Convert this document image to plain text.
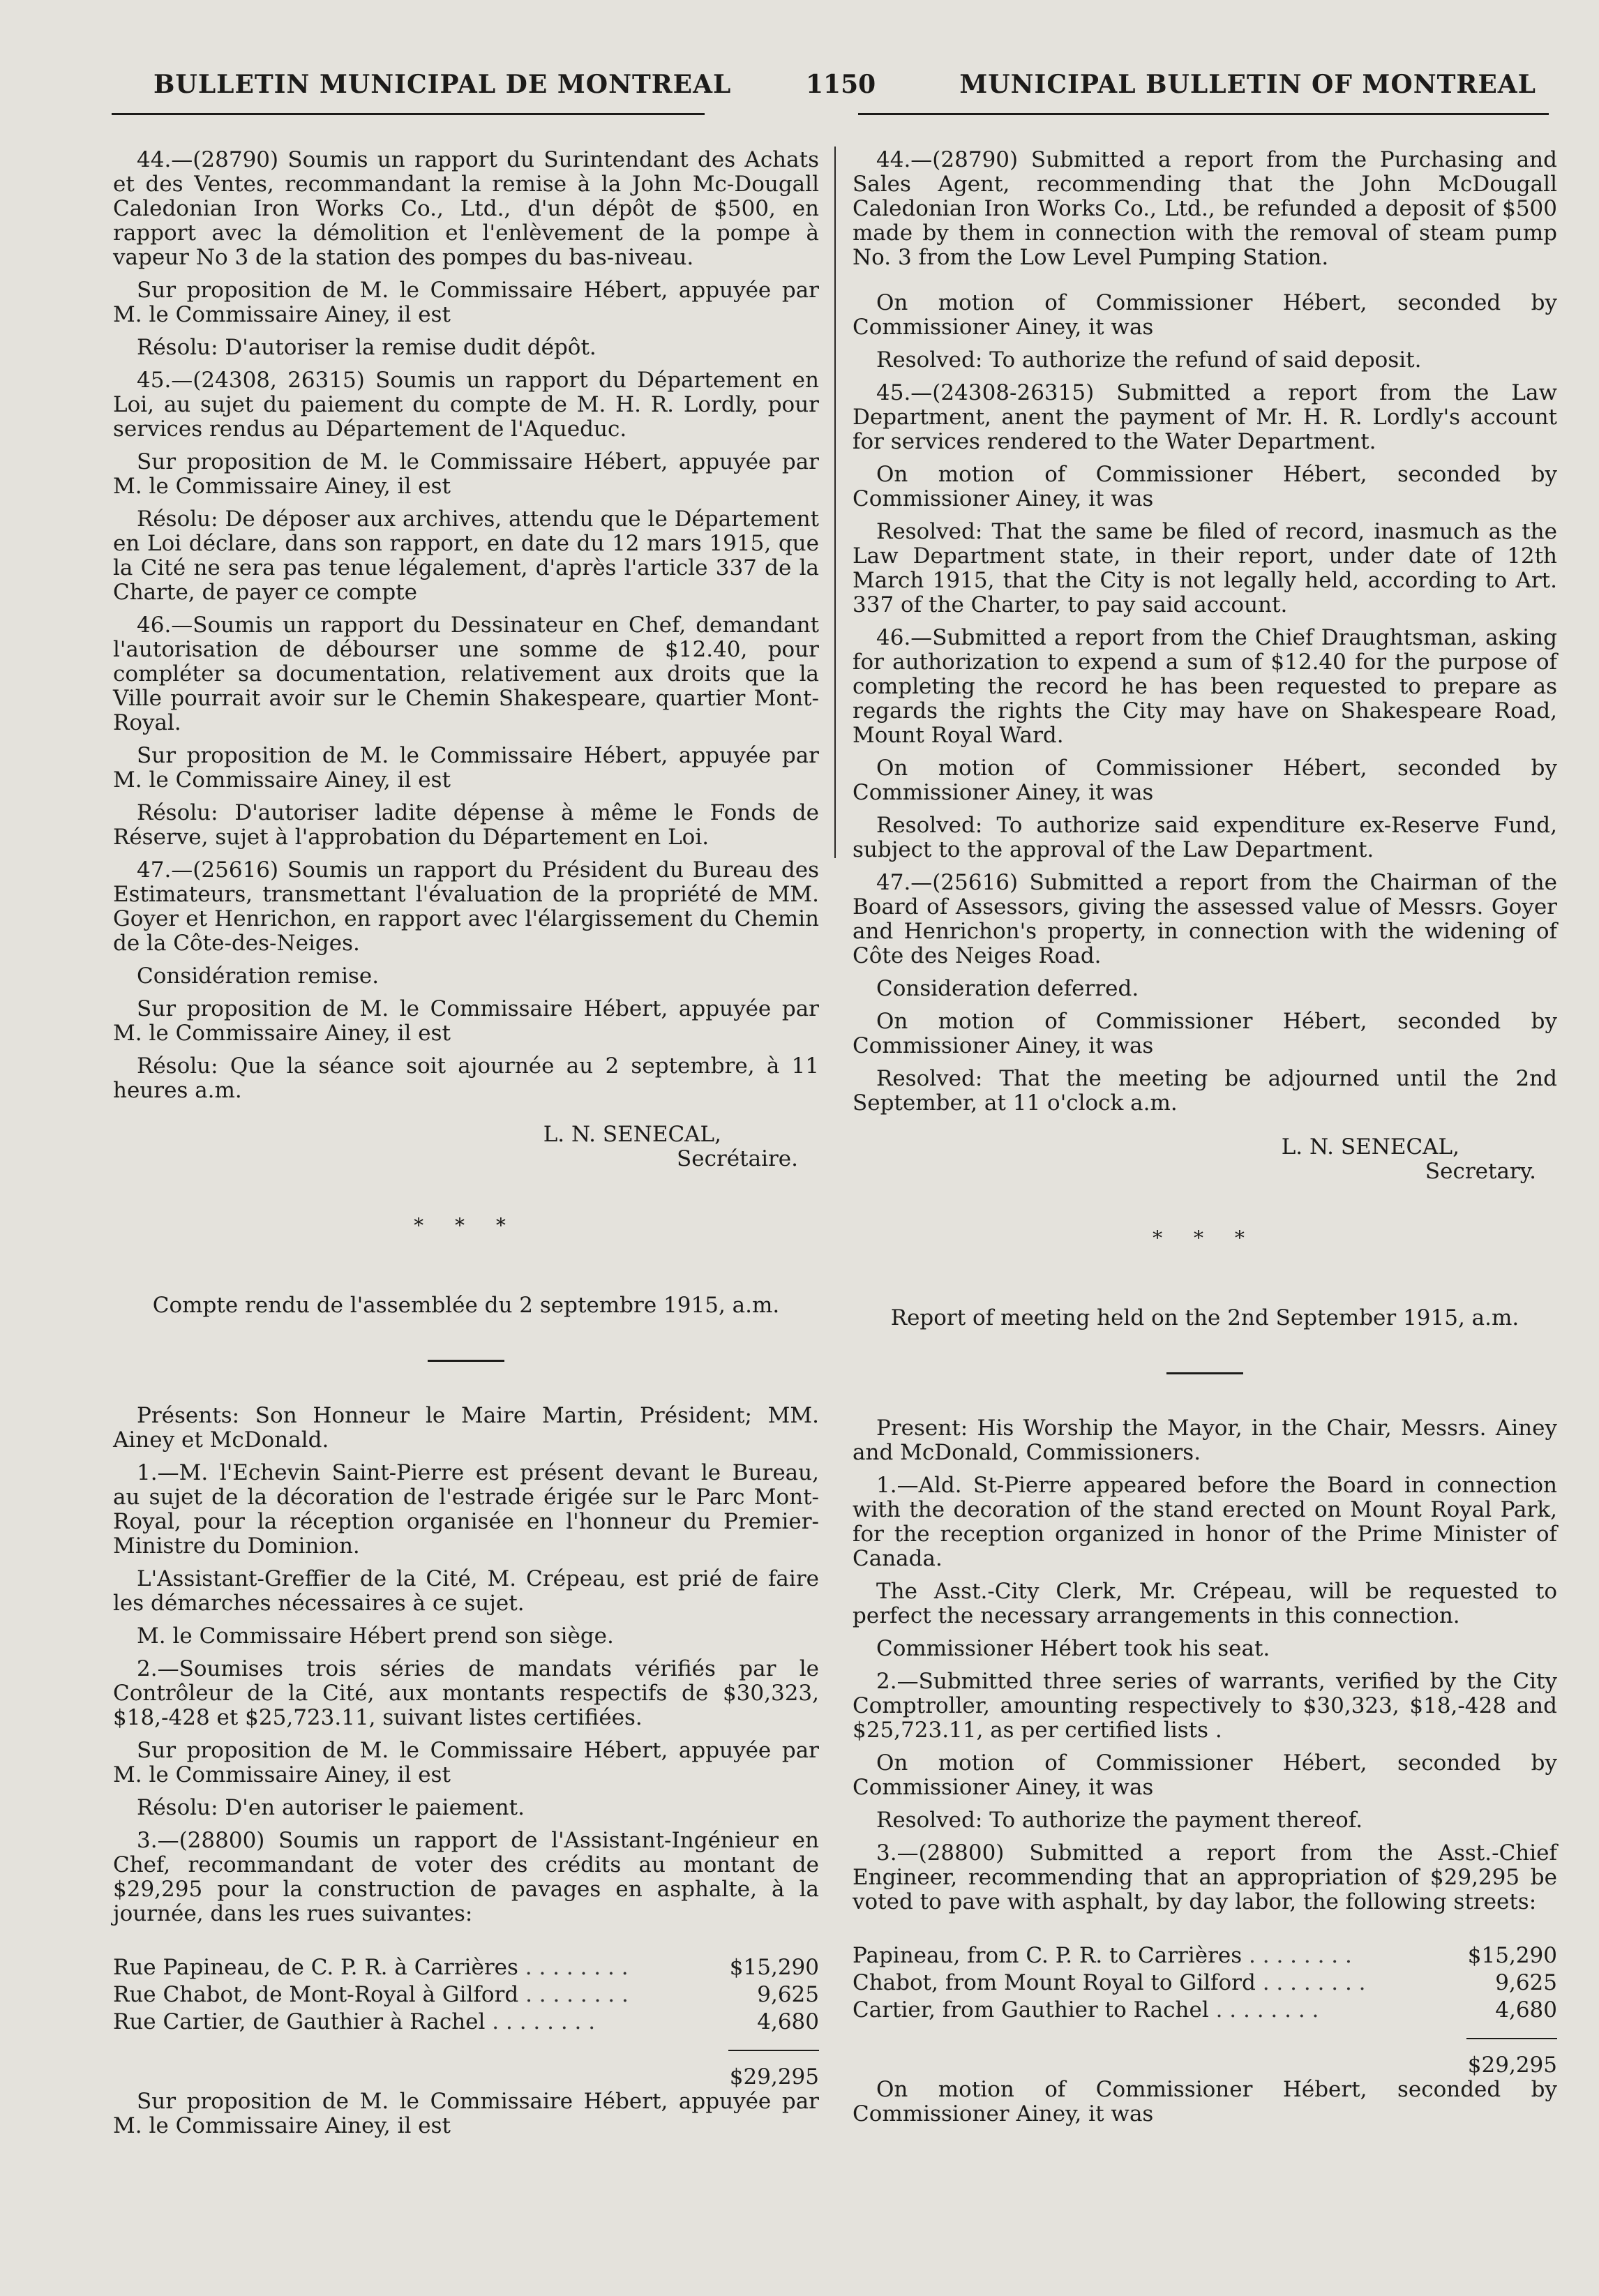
BULLETIN MUNICIPAL DE MONTREAL	1150	MUNICIPAL BULLETIN OF MONTREAL

44.—(28790) Soumis un rapport du Surintendant des Achats et des Ventes, recommandant la remise à la John Mc-Dougall Caledonian Iron Works Co., Ltd., d'un dépôt de $500, en rapport avec la démolition et l'enlèvement de la pompe à vapeur No 3 de la station des pompes du bas-niveau.

Sur proposition de M. le Commissaire Hébert, appuyée par M. le Commissaire Ainey, il est

Résolu: D'autoriser la remise dudit dépôt.

45.—(24308, 26315) Soumis un rapport du Département en Loi, au sujet du paiement du compte de M. H. R. Lordly, pour services rendus au Département de l'Aqueduc.

Sur proposition de M. le Commissaire Hébert, appuyée par M. le Commissaire Ainey, il est

Résolu: De déposer aux archives, attendu que le Département en Loi déclare, dans son rapport, en date du 12 mars 1915, que la Cité ne sera pas tenue légalement, d'après l'article 337 de la Charte, de payer ce compte

46.—Soumis un rapport du Dessinateur en Chef, demandant l'autorisation de débourser une somme de $12.40, pour compléter sa documentation, relativement aux droits que la Ville pourrait avoir sur le Chemin Shakespeare, quartier Mont-Royal.

Sur proposition de M. le Commissaire Hébert, appuyée par M. le Commissaire Ainey, il est

Résolu: D'autoriser ladite dépense à même le Fonds de Réserve, sujet à l'approbation du Département en Loi.

47.—(25616) Soumis un rapport du Président du Bureau des Estimateurs, transmettant l'évaluation de la propriété de MM. Goyer et Henrichon, en rapport avec l'élargissement du Chemin de la Côte-des-Neiges.

Considération remise.

Sur proposition de M. le Commissaire Hébert, appuyée par M. le Commissaire Ainey, il est

Résolu: Que la séance soit ajournée au 2 septembre, à 11 heures a.m.

L. N. SENECAL,
Secrétaire.
* * *
Compte rendu de l'assemblée du 2 septembre 1915, a.m.

Présents: Son Honneur le Maire Martin, Président; MM. Ainey et McDonald.

1.—M. l'Echevin Saint-Pierre est présent devant le Bureau, au sujet de la décoration de l'estrade érigée sur le Parc Mont-Royal, pour la réception organisée en l'honneur du Premier-Ministre du Dominion.

L'Assistant-Greffier de la Cité, M. Crépeau, est prié de faire les démarches nécessaires à ce sujet.

M. le Commissaire Hébert prend son siège.

2.—Soumises trois séries de mandats vérifiés par le Contrôleur de la Cité, aux montants respectifs de $30,323, $18,-428 et $25,723.11, suivant listes certifiées.

Sur proposition de M. le Commissaire Hébert, appuyée par M. le Commissaire Ainey, il est

Résolu: D'en autoriser le paiement.

3.—(28800) Soumis un rapport de l'Assistant-Ingénieur en Chef, recommandant de voter des crédits au montant de $29,295 pour la construction de pavages en asphalte, à la journée, dans les rues suivantes:

Rue Papineau, de C. P. R. à Carrières . . . . . . . .	$15,290
Rue Chabot, de Mont-Royal à Gilford . . . . . . . .	9,625
Rue Cartier, de Gauthier à Rachel . . . . . . . .	4,680
$29,295

Sur proposition de M. le Commissaire Hébert, appuyée par M. le Commissaire Ainey, il est

44.—(28790) Submitted a report from the Purchasing and Sales Agent, recommending that the John McDougall Caledonian Iron Works Co., Ltd., be refunded a deposit of $500 made by them in connection with the removal of steam pump No. 3 from the Low Level Pumping Station.

On motion of Commissioner Hébert, seconded by Commissioner Ainey, it was

Resolved: To authorize the refund of said deposit.

45.—(24308-26315) Submitted a report from the Law Department, anent the payment of Mr. H. R. Lordly's account for services rendered to the Water Department.

On motion of Commissioner Hébert, seconded by Commissioner Ainey, it was

Resolved: That the same be filed of record, inasmuch as the Law Department state, in their report, under date of 12th March 1915, that the City is not legally held, according to Art. 337 of the Charter, to pay said account.

46.—Submitted a report from the Chief Draughtsman, asking for authorization to expend a sum of $12.40 for the purpose of completing the record he has been requested to prepare as regards the rights the City may have on Shakespeare Road, Mount Royal Ward.

On motion of Commissioner Hébert, seconded by Commissioner Ainey, it was

Resolved: To authorize said expenditure ex-Reserve Fund, subject to the approval of the Law Department.

47.—(25616) Submitted a report from the Chairman of the Board of Assessors, giving the assessed value of Messrs. Goyer and Henrichon's property, in connection with the widening of Côte des Neiges Road.

Consideration deferred.

On motion of Commissioner Hébert, seconded by Commissioner Ainey, it was

Resolved: That the meeting be adjourned until the 2nd September, at 11 o'clock a.m.

L. N. SENECAL,
Secretary.
* * *
Report of meeting held on the 2nd September 1915, a.m.

Present: His Worship the Mayor, in the Chair, Messrs. Ainey and McDonald, Commissioners.

1.—Ald. St-Pierre appeared before the Board in connection with the decoration of the stand erected on Mount Royal Park, for the reception organized in honor of the Prime Minister of Canada.

The Asst.-City Clerk, Mr. Crépeau, will be requested to perfect the necessary arrangements in this connection.

Commissioner Hébert took his seat.

2.—Submitted three series of warrants, verified by the City Comptroller, amounting respectively to $30,323, $18,-428 and $25,723.11, as per certified lists .

On motion of Commissioner Hébert, seconded by Commissioner Ainey, it was

Resolved: To authorize the payment thereof.

3.—(28800) Submitted a report from the Asst.-Chief Engineer, recommending that an appropriation of $29,295 be voted to pave with asphalt, by day labor, the following streets:

Papineau, from C. P. R. to Carrières . . . . . . . .	$15,290
Chabot, from Mount Royal to Gilford . . . . . . . .	9,625
Cartier, from Gauthier to Rachel . . . . . . . .	4,680
$29,295

On motion of Commissioner Hébert, seconded by Commissioner Ainey, it was
